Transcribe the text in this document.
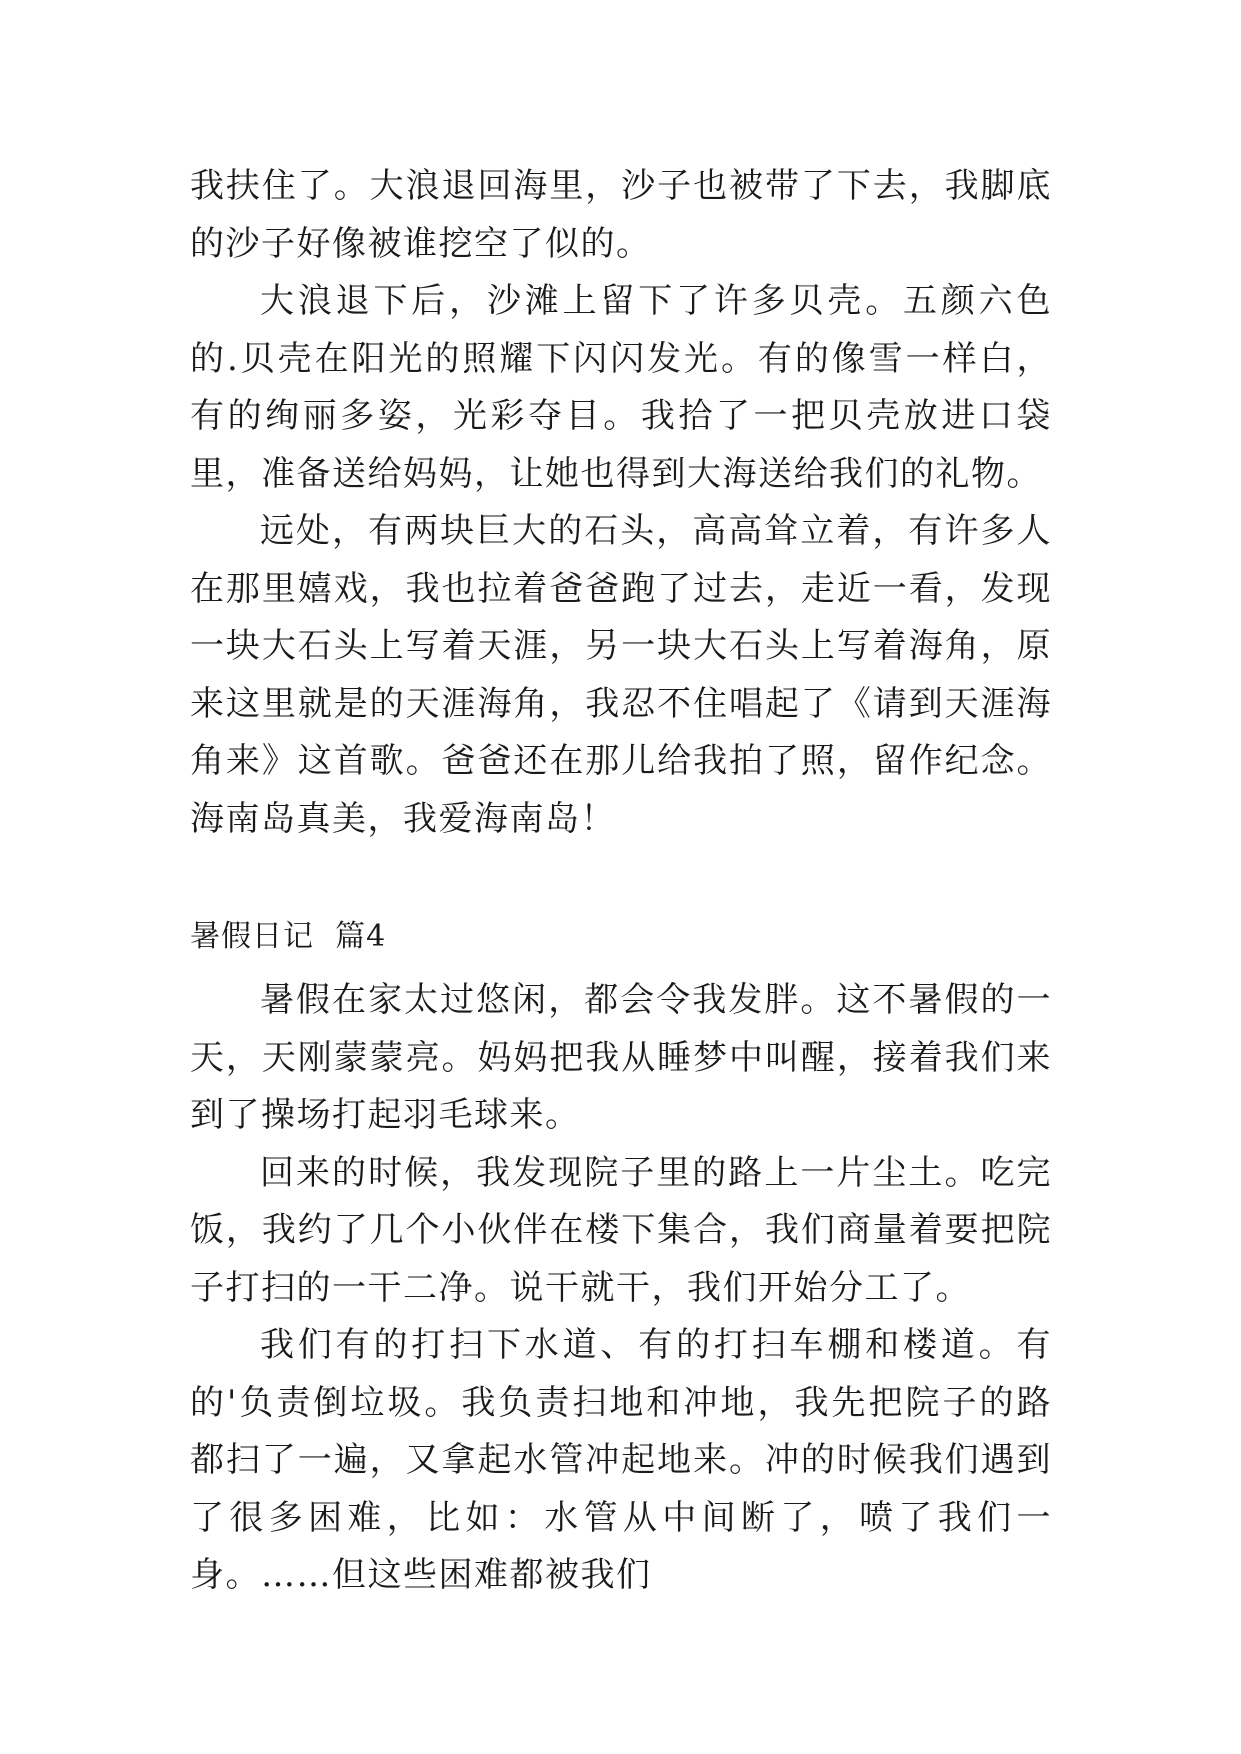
我扶住了。大浪退回海里，沙子也被带了下去，我脚底的沙子好像被谁挖空了似的。

大浪退下后，沙滩上留下了许多贝壳。五颜六色的.贝壳在阳光的照耀下闪闪发光。有的像雪一样白，有的绚丽多姿，光彩夺目。我拾了一把贝壳放进口袋里，准备送给妈妈，让她也得到大海送给我们的礼物。

远处，有两块巨大的石头，高高耸立着，有许多人在那里嬉戏，我也拉着爸爸跑了过去，走近一看，发现一块大石头上写着天涯，另一块大石头上写着海角，原来这里就是的天涯海角，我忍不住唱起了《请到天涯海角来》这首歌。爸爸还在那儿给我拍了照，留作纪念。海南岛真美，我爱海南岛！

暑假日记  篇4

暑假在家太过悠闲，都会令我发胖。这不暑假的一天，天刚蒙蒙亮。妈妈把我从睡梦中叫醒，接着我们来到了操场打起羽毛球来。

回来的时候，我发现院子里的路上一片尘土。吃完饭，我约了几个小伙伴在楼下集合，我们商量着要把院子打扫的一干二净。说干就干，我们开始分工了。

我们有的打扫下水道、有的打扫车棚和楼道。有的'负责倒垃圾。我负责扫地和冲地，我先把院子的路都扫了一遍，又拿起水管冲起地来。冲的时候我们遇到了很多困难，比如：水管从中间断了，喷了我们一身。……但这些困难都被我们
